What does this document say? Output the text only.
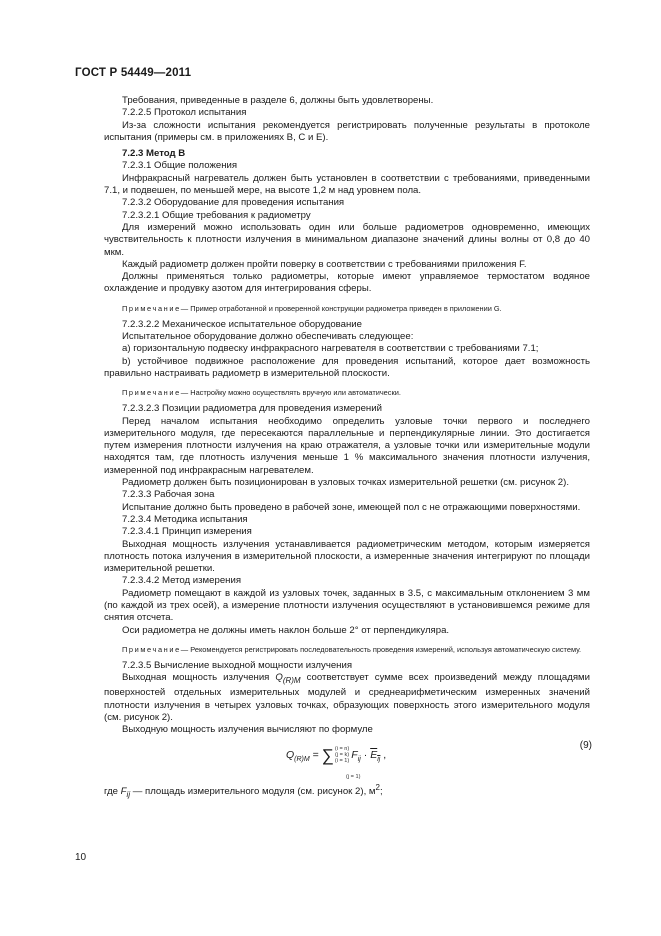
ГОСТ Р 54449—2011

Требования, приведенные в разделе 6, должны быть удовлетворены.

7.2.2.5 Протокол испытания

Из-за сложности испытания рекомендуется регистрировать полученные результаты в протоколе испытания (примеры см. в приложениях В, С и Е).

7.2.3 Метод В

7.2.3.1 Общие положения

Инфракрасный нагреватель должен быть установлен в соответствии с требованиями, приведенными 7.1, и подвешен, по меньшей мере, на высоте 1,2 м над уровнем пола.

7.2.3.2 Оборудование для проведения испытания

7.2.3.2.1 Общие требования к радиометру

Для измерений можно использовать один или больше радиометров одновременно, имеющих чувствительность к плотности излучения в минимальном диапазоне значений длины волны от 0,8 до 40 мкм.

Каждый радиометр должен пройти поверку в соответствии с требованиями приложения F.

Должны применяться только радиометры, которые имеют управляемое термостатом водяное охлаждение и продувку азотом для интегрирования сферы.

Примечание— Пример отработанной и проверенной конструкции радиометра приведен в приложении G.

7.2.3.2.2 Механическое испытательное оборудование

Испытательное оборудование должно обеспечивать следующее:

a) горизонтальную подвеску инфракрасного нагревателя в соответствии с требованиями 7.1;

b) устойчивое подвижное расположение для проведения испытаний, которое дает возможность правильно настраивать радиометр в измерительной плоскости.

Примечание— Настройку можно осуществлять вручную или автоматически.

7.2.3.2.3 Позиции радиометра для проведения измерений

Перед началом испытания необходимо определить узловые точки первого и последнего измерительного модуля, где пересекаются параллельные и перпендикулярные линии. Это достигается путем измерения плотности излучения на краю отражателя, а узловые точки или измерительные модули находятся там, где плотность излучения меньше 1 % максимального значения плотности излучения, измеренной под инфракрасным нагревателем.

Радиометр должен быть позиционирован в узловых точках измерительной решетки (см. рисунок 2).

7.2.3.3 Рабочая зона

Испытание должно быть проведено в рабочей зоне, имеющей пол с не отражающими поверхностями.

7.2.3.4 Методика испытания

7.2.3.4.1 Принцип измерения

Выходная мощность излучения устанавливается радиометрическим методом, которым измеряется плотность потока излучения в измерительной плоскости, а измеренные значения интегрируют по площади измерительной решетки.

7.2.3.4.2 Метод измерения

Радиометр помещают в каждой из узловых точек, заданных в 3.5, с максимальным отклонением 3 мм (по каждой из трех осей), а измерение плотности излучения осуществляют в установившемся режиме для снятия отсчета.

Оси радиометра не должны иметь наклон больше 2° от перпендикуляра.

Примечание— Рекомендуется регистрировать последовательность проведения измерений, используя автоматическую систему.

7.2.3.5 Вычисление выходной мощности излучения

Выходная мощность излучения $Q_{(R)M}$ соответствует сумме всех произведений между площадями поверхностей отдельных измерительных модулей и среднеарифметическим измеренных значений плотности излучения в четырех узловых точках, образующих поверхность этого измерительного модуля (см. рисунок 2).

Выходную мощность излучения вычисляют по формуле

$Q_{(R)M} = \sum(i = n)$
(j = k)
$(i = 1)F_{ij} \cdot \overline{E}_{\overline{ij}}$ ,
(j = 1)
(9)

где $F_{ij}$ — площадь измерительного модуля (см. рисунок 2), $м^2$;

10
